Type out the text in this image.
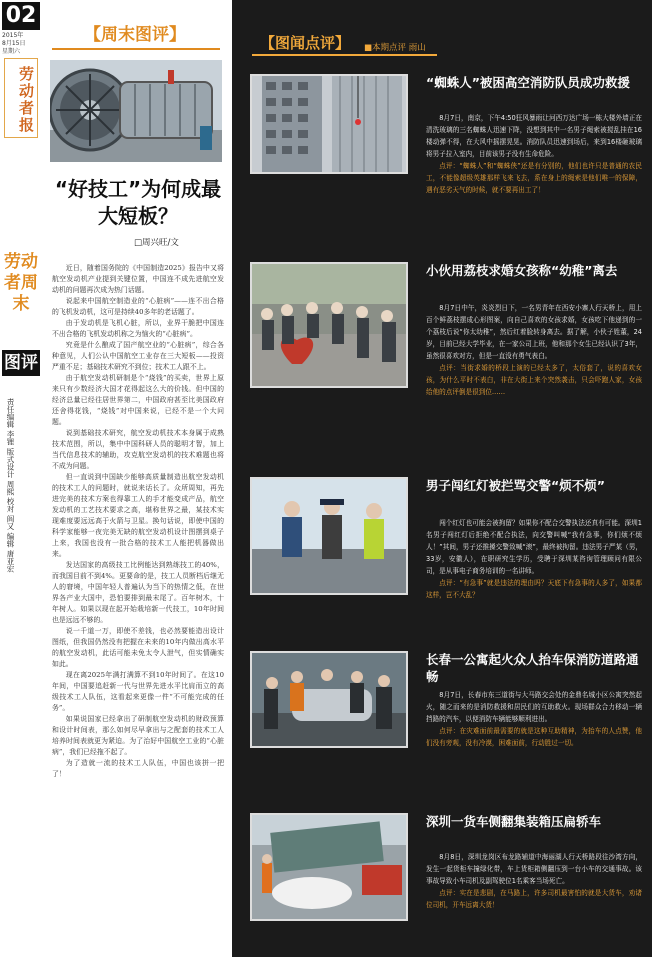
02
2015年
8月15日
星期六
劳动者报
劳动者周末
图评
责任编辑 李锂 版式设计 周熙 校对 阎又 编辑 唐亚宏
【周末图评】
“好技工”为何成最大短板？
□周兴旺/文

近日，随着国务院的《中国制造2025》报告中又将航空发动机产业提到关键位置，中国连不成先进航空发动机的问题再次成为热门话题。

说起来中国航空制造业的“心脏病”——连不出合格的飞机发动机，这可是持续40多年的老话题了。

由于发动机是飞机心脏，所以，业界干脆把中国连不出合格的飞机发动机称之为恼火的“心脏病”。

究竟是什么酿成了国产航空业的“心脏病”，综合各种意见，人们公认中国航空工业存在三大短板——投资严重不足；基础技术研究不到位；技术工人跟不上。

由于航空发动机研制是个“烧钱”的买卖，世界上原来只有少数经济大国才花得起这么大的价钱。但中国的经济总量已经往居世界第二，中国政府甚至比美国政府还舍得花钱，“烧钱”对中国来说，已经不是一个大问题。

说到基础技术研究，航空发动机技术本身属于成熟技术范围，所以，集中中国科研人员的聪明才智，加上当代信息技术的辅助，攻克航空发动机的技术难题也将不成为问题。

但一直说到中国缺少能够高质量制造出航空发动机的技术工人的问题时，就说来话长了。众所周知，再先进完美的技术方案也得靠工人的手才能变成产品，航空发动机的工艺技术要求之高，堪称世界之最，某技术实现难度要远远高于火箭与卫星。换句话说，即使中国的科学家能够一夜完美无缺的航空发动机设计图摆到桌子上来，我国也没有一批合格的技术工人能把机器做出来。

发达国家的高级技工比例能达到熟练技工的40%，而我国目前不到4%。更要命的是，技工人员断档后继无人的窘境，中国年轻人普遍认为当下的热情之低，在世界各产业大国中，恐怕要排到最末尾了。百年树木，十年树人。如果以现在起开始栽培新一代技工，10年时间也是远远不够的。

说一千道一万，即使不差钱，也必然要能造出设计图纸，但我国仍然没有把握在未来的10年内做出高水平的航空发动机，此话可能未免太令人泄气，但实情确实如此。

现在离2025年满打满算不到10年时间了。在这10年间，中国要追赶新一代与世界先进水平比肩而立的高级技术工人队伍，这看起来更像一件“不可能完成的任务”。

如果说国家已经拿出了研制航空发动机的财政预算和设计时间表，那么如何尽早拿出与之配套的技术工人培养时间表就更为紧迫。为了治好中国航空工业的“心脏病”，我们已经拖不起了。

为了造就一流的技术工人队伍，中国也该拼一把了！

【图闻点评】 ■本期点评 雨山
“蜘蛛人”被困高空消防队员成功救援

8月7日，南京，下午4:50狂风暴雨让河西万达广场一栋大楼外墙正在清洗玻璃的三名蜘蛛人迅速下降，没想到其中一名男子绳索被搅乱挂在16楼动弹不得，在大风中摇摆晃晃。消防队员迅速到场后，来到16楼砸玻璃将男子拉入室内，目前该男子没有生命危险。

点评：“蜘蛛人”和“蜘蛛侠”还是有分别的，他们也许只是普通的农民工，不能像超级英雄那样飞来飞去，系在身上的绳索是他们唯一的保障，遇有恶劣天气的时候，就不要再出工了！

小伙用荔枝求婚女孩称“幼稚”离去

8月7日中午，炎炎烈日下，一名男青年在西安小寨人行天桥上，用上百个鲜荔枝摆成心形图案，向自己喜欢的女孩求婚，女孩吃下他递到的一个荔枝后说“你太幼稚”，然后红着脸转身离去。据了解，小伙子姓董，24岁，目前已经大学毕业，在一家公司上班，他和那个女生已经认识了3年，虽然很喜欢对方，但是一直没有勇气表白。

点评：当街求婚的桥段上演的已经太多了，太俗套了，说的喜欢女孩，为什么平时不表白，非在大街上来个突然袭击，只会吓跑人家，女孩给他的点评倒是很到位……

男子闯红灯被拦骂交警“烦不烦”

闯个红灯也可能会被拘留？如果你不配合交警执法还真有可能。深圳1名男子闯红灯后拒绝不配合执法，向交警叫喊“我有急事，你们烦不烦人！”其间，男子还推搡交警致喊“滚”，最终被拘留。违法男子严某（男，33岁，安徽人），在职研究生学历，受聘于深圳某咨询管理顾问有限公司，是从事电子商务培训的一名讲师。

点评：“有急事”就是违法的理由吗？天底下有急事的人多了，如果都这样，岂不大乱？

长春一公寓起火众人抬车保消防道路通畅

8月7日，长春市东三道街与大马路交会处的金鼎名城小区公寓突然起火，随之而来的是消防救援和居民们的互助救火。现场群众合力移动一辆挡路的汽车，以便消防车辆能够顺利进出。

点评：在灾难面前最需要的就是这种互助精神，为抬车的人点赞，他们没有旁观，没有冷漠，困难面前，行动胜过一切。

深圳一货车侧翻集装箱压扁轿车

8月8日，深圳龙岗区布龙路辅道中海丽湖人行天桥路段往沙湾方向，发生一起货柜车撞绿化带，车上货柜箱侧翻压到一台小车的交通事故。该事故导致小车司机及副驾驶位1名乘客当场死亡。

点评：实在是悲剧，在马路上，许多司机最害怕的就是大货车，劝诸位司机，开车远离大货！
